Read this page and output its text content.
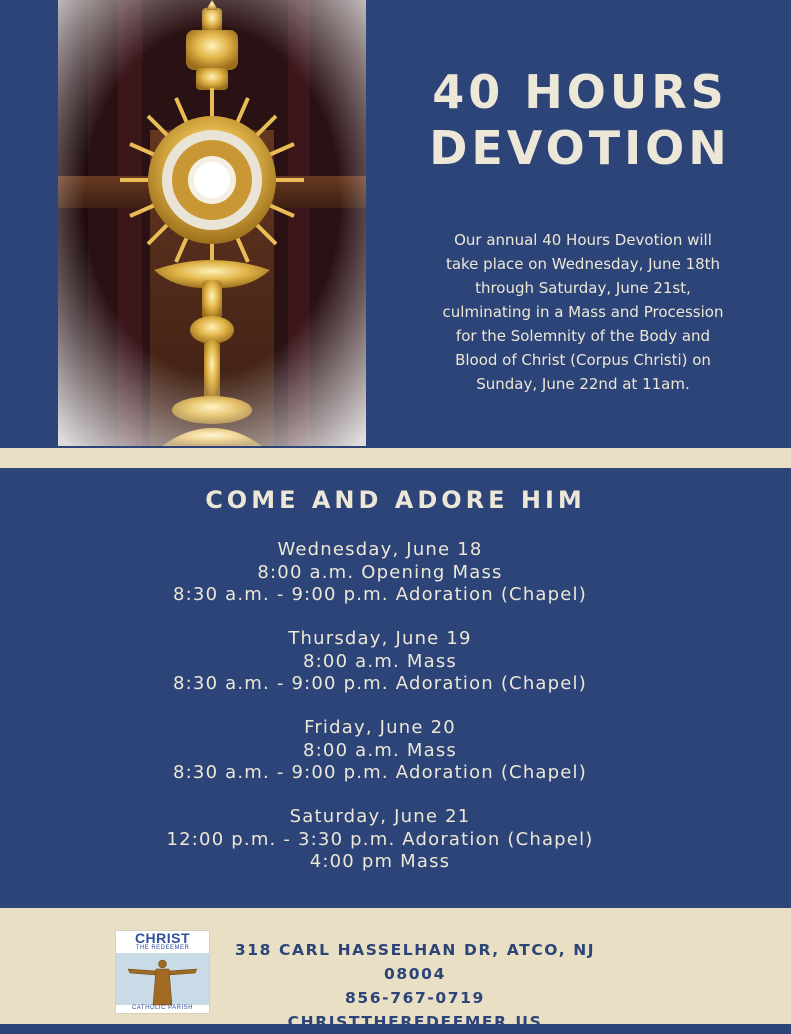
40 HOURS
DEVOTION
Our annual 40 Hours Devotion will
take place on Wednesday, June 18th
through Saturday, June 21st,
culminating in a Mass and Procession
for the Solemnity of the Body and
Blood of Christ (Corpus Christi) on
Sunday, June 22nd at 11am.
COME AND ADORE HIM
Wednesday, June 18
8:00 a.m. Opening Mass
8:30 a.m. - 9:00 p.m. Adoration (Chapel)
Thursday, June 19
8:00 a.m. Mass
8:30 a.m. - 9:00 p.m. Adoration (Chapel)
Friday, June 20
8:00 a.m. Mass
8:30 a.m. - 9:00 p.m. Adoration (Chapel)
Saturday, June 21
12:00 p.m. - 3:30 p.m. Adoration (Chapel)
4:00 pm Mass
CHRIST
THE REDEEMER
CATHOLIC PARISH
318 CARL HASSELHAN DR, ATCO, NJ 08004
856-767-0719
CHRISTTHEREDEEMER.US
